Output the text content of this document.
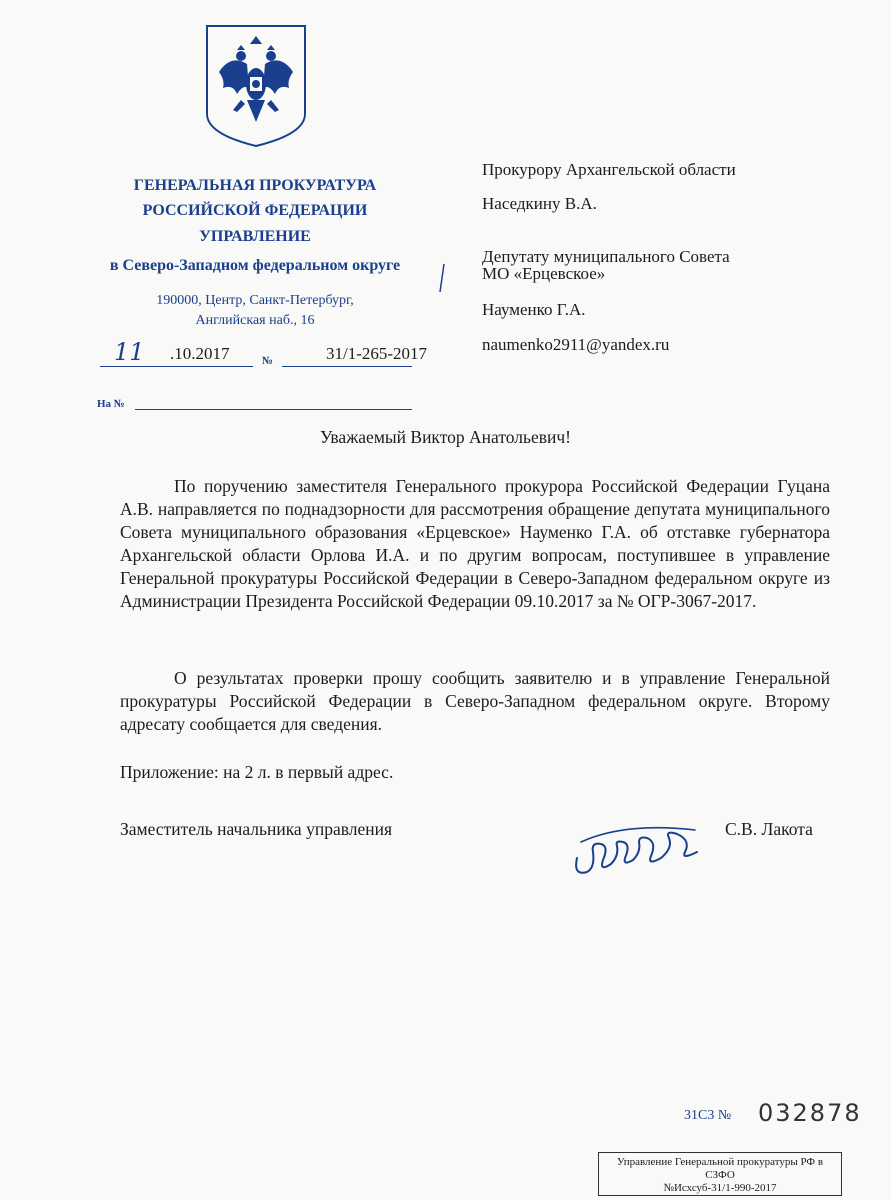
ГЕНЕРАЛЬНАЯ ПРОКУРАТУРА
РОССИЙСКОЙ ФЕДЕРАЦИИ
УПРАВЛЕНИЕ
в Северо-Западном федеральном округе
190000, Центр, Санкт-Петербург,
Английская наб., 16
11 .10.2017	№	31/1-265-2017
На №
Прокурору Архангельской области
Наседкину В.А.
Депутату муниципального Совета
МО «Ерцевское»
Науменко Г.А.
naumenko2911@yandex.ru
Уважаемый Виктор Анатольевич!

По поручению заместителя Генерального прокурора Российской Федерации Гуцана А.В. направляется по поднадзорности для рассмотрения обращение депутата муниципального Совета муниципального образования «Ерцевское» Науменко Г.А. об отставке губернатора Архангельской области Орлова И.А. и по другим вопросам, поступившее в управление Генеральной прокуратуры Российской Федерации в Северо-Западном федеральном округе из Администрации Президента Российской Федерации 09.10.2017 за № ОГР-3067-2017.

О результатах проверки прошу сообщить заявителю и в управление Генеральной прокуратуры Российской Федерации в Северо-Западном федеральном округе. Второму адресату сообщается для сведения.

Приложение: на 2 л. в первый адрес.
Заместитель начальника управления	С.В. Лакота
31С3 № 032878
Управление Генеральной прокуратуры РФ в
СЗФО
№Исхсуб-31/1-990-2017
